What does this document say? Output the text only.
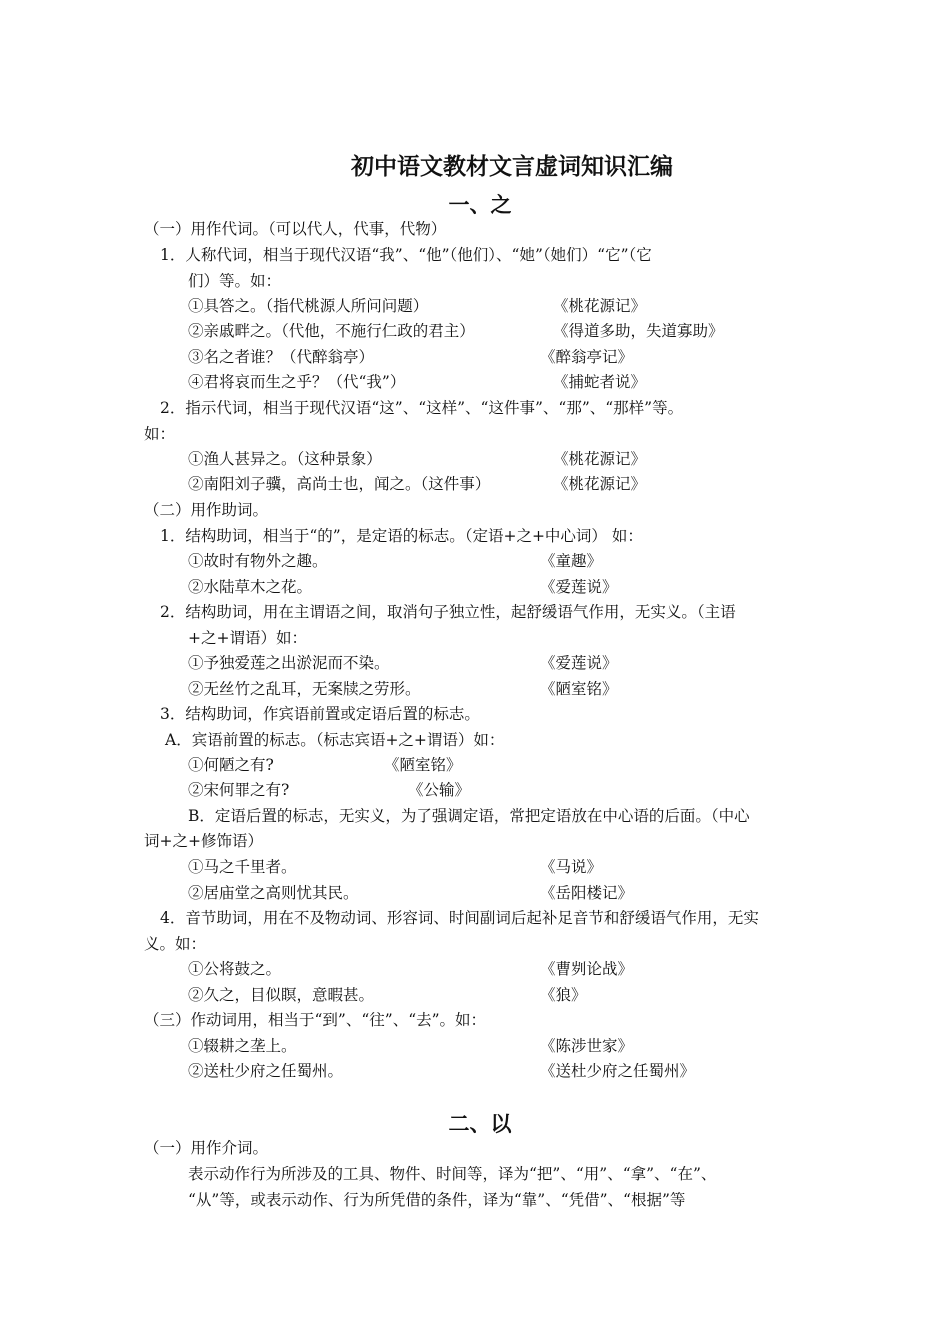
初中语文教材文言虚词知识汇编
一、之
（一）用作代词。（可以代人，代事，代物）
1．人称代词，相当于现代汉语“我”、“他”（他们）、“她”（她们）“它”（它
们）等。如：
①具答之。（指代桃源人所问问题）	《桃花源记》
②亲戚畔之。（代他，不施行仁政的君主）	《得道多助，失道寡助》
③名之者谁？（代醉翁亭）	《醉翁亭记》
④君将哀而生之乎？（代“我”）	《捕蛇者说》
2．指示代词，相当于现代汉语“这”、“这样”、“这件事”、“那”、“那样”等。
如：
①渔人甚异之。（这种景象）	《桃花源记》
②南阳刘子骥，高尚士也，闻之。（这件事）	《桃花源记》
（二）用作助词。
1．结构助词，相当于“的”，是定语的标志。（定语+之+中心词） 如：
①故时有物外之趣。	《童趣》
②水陆草木之花。	《爱莲说》
2．结构助词，用在主谓语之间，取消句子独立性，起舒缓语气作用，无实义。（主语
+之+谓语）如：
①予独爱莲之出淤泥而不染。	《爱莲说》
②无丝竹之乱耳，无案牍之劳形。	《陋室铭》
3．结构助词，作宾语前置或定语后置的标志。
A．宾语前置的标志。（标志宾语+之+谓语）如：
①何陋之有?	《陋室铭》
②宋何罪之有?	《公输》
B．定语后置的标志，无实义，为了强调定语，常把定语放在中心语的后面。（中心
词+之+修饰语）
①马之千里者。	《马说》
②居庙堂之高则忧其民。	《岳阳楼记》
4．音节助词，用在不及物动词、形容词、时间副词后起补足音节和舒缓语气作用，无实
义。如：
①公将鼓之。	《曹刿论战》
②久之，目似瞑，意暇甚。	《狼》
（三）作动词用，相当于“到”、“往”、“去”。如：
①辍耕之垄上。	《陈涉世家》
②送杜少府之任蜀州。	《送杜少府之任蜀州》
二、以
（一）用作介词。
表示动作行为所涉及的工具、物件、时间等，译为“把”、“用”、“拿”、“在”、
“从”等，或表示动作、行为所凭借的条件，译为“靠”、“凭借”、“根据”等
